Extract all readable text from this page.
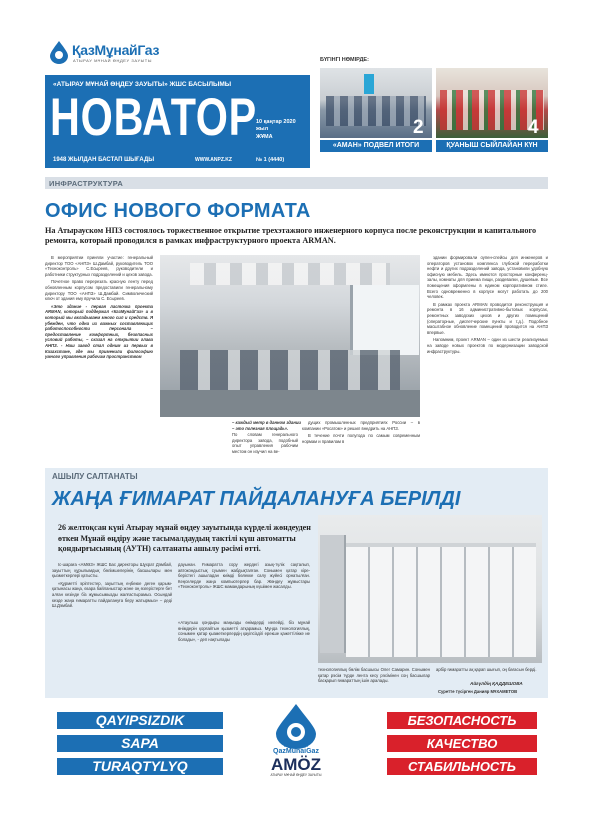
ҚазМұнайГаз
АТЫРАУ МҰНАЙ ӨҢДЕУ ЗАУЫТЫ
«АТЫРАУ МҰНАЙ ӨҢДЕУ ЗАУЫТЫ» ЖШС БАСЫЛЫМЫ
НОВАТОР
10 қаңтар 2020 жыл
ЖҰМА
1948 ЖЫЛДАН БАСТАП ШЫҒАДЫ	WWW.ANPZ.KZ	№ 1 (4440)
БҮГІНГІ НӨМІРДЕ:
2
«АМАН» ПОДВЕЛ ИТОГИ
4
ҚУАНЫШ СЫЙЛАЙАН КҮН
ИНФРАСТРУКТУРА
ОФИС НОВОГО ФОРМАТА
На Атырауском НПЗ состоялось торжественное открытие трехэтажного инженерного корпуса после реконструкции и капитального ремонта, который проводился в рамках инфраструктурного проекта ARMAN.

В мероприятии приняли участие: генеральный директор ТОО «АНПЗ» Ш.Дамбай, руководитель ТОО «Техноконтроль» С.Есыреев, руководители и работники структурных подразделений и цехов завода.

Почетное право перерезать красную ленту перед обновленным корпусом предоставили генеральному директору ТОО «АНПЗ» Ш.Дамбай. Символический ключ от здания ему вручила С. Есыреев.

«Это здание - первая ласточка проекта ARMAN, который поддержал «КазМунайГаз» и в который мы вкладываем много сил и средств. Я убежден, что одна из важных составляющих работоспособности персонала – предоставление комфортных, безопасных условий работы, – сказал на открытии глава АНПЗ. - Наш завод стал одним из первых в Казахстане, где мы применили философию умного управления рабочим пространством

– каждый метр в данном здании – это полезная площадь».
По словам генерального директора завода, подобный опыт управления рабочим местом он изучил на ве-

дущих промышленных предприятиях России – в компании «Росатом» и решил внедрить на АНПЗ.

В течение почти полугода по самым современным нормам и правилам в

здании формировали оупен-спейсы для инженеров и операторов установок комплекса глубокой переработки нефти и других подразделений завода, установили удобную офисную мебель. Здесь имеются просторные конференц-залы, комнаты для приема пищи, раздевалки, душевые. Все помещения оформлены в едином корпоративном стиле. Всего одновременно в корпусе могут работать до 200 человек.

В рамках проекта ARMAN проводится реконструкция и ремонта в 16 административно-бытовых корпусах, ремонтных заводских цехов и других помещений (операторные, диспетчерские пункты и т.д.). Подобное масштабное обновление помещений проводится на АНПЗ впервые.

Напомним, проект ARMAN – один из шести реализуемых на заводе новых проектов по модернизации заводской инфраструктуры.

АШЫЛУ САЛТАНАТЫ
ЖАҢА ҒИМАРАТ ПАЙДАЛАНУҒА БЕРІЛДІ
26 желтоқсан күні Атырау мұнай өңдеу зауытында күрделі жөндеуден өткен Мұнай өңдіру және тасымалдаудың тактілі күш автоматты қондырғысының (АУТН) салтанаты ашылу рәсімі өтті.

Іс-шараға «АМӨЗ» ЖШС Бас директоры Шұхрат Дәмбай, зауыттың құрылымдық бөлімшелерінің басшылары мен қызметкерлері қатысты.

«Құрметті әріптестер, зауыттың еңбекке деген қарым-қатынасы жаңа, өзара байланыстар және оң өзгерістерге бет алған кезінде біз жұмысымызды жалғастырамыз. Осындай кезде жаңа ғимаратты пайдалануға беру жатырмыз» – деді Ш.Дәмбай.

дауынан. Ғимаратта сору жердегі азық-түлік сақталып, автокондыстық суымен жабдықталған. Сонымен қатар кіре-берістегі ашыладан киімді бөлекке салу жүйесі орнатылған. Кеңселерде жаңа компьютерлер бар. Жөндеу жұмыстары «Техноконтроль» ЖШС мамандарының күшімен жасалды.
«Атаулыш қондыры маңызды өнімдерді иелейді, біз мұнай өнімдерін қорғайтын қызметті атқарамыз. Мұнда технологиялық, сонымен қатар қызметкерлердің қауіпсіздігі ерекше қажеттілікке ие болады», - деп нақтылады
технологиялық бөлім басшысы Олег Самарин. Сонымен қатар рәсім түрде лента кесу рәсімінен соң басшылар басқарып ғимараттың ішін аралады.
арбір ғимаратты ақ қарап шығып, оң бағасын берді.
Айгүлдің ҚАДДЕШОВА
Суретте түсірген Данияр МҰХАМЕТОВ
QAYIPSIZDIK
SAPA
TURAQTYLYQ
QazMunaiGaz
AMÖZ
АТЫРАУ МҰНАЙ ӨҢДЕУ ЗАУЫТЫ
БЕЗОПАСНОСТЬ
КАЧЕСТВО
СТАБИЛЬНОСТЬ
